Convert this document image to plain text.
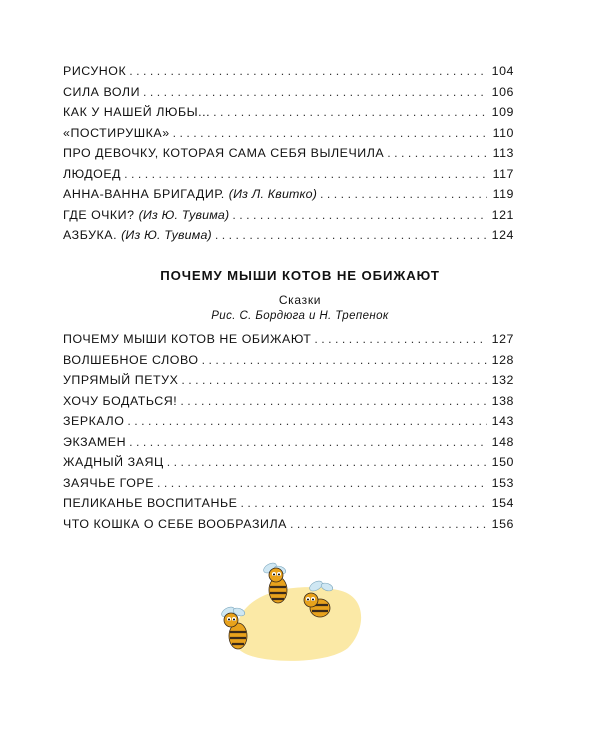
РИСУНОК . . .	104
СИЛА ВОЛИ . . .	106
КАК У НАШЕЙ ЛЮБЫ... . . .	109
«ПОСТИРУШКА» . . .	110
ПРО ДЕВОЧКУ, КОТОРАЯ САМА СЕБЯ ВЫЛЕЧИЛА . . .	113
ЛЮДОЕД . . .	117
АННА-ВАННА БРИГАДИР. (Из Л. Квитко) . . .	119
ГДЕ ОЧКИ? (Из Ю. Тувима) . . .	121
АЗБУКА. (Из Ю. Тувима) . . .	124
ПОЧЕМУ МЫШИ КОТОВ НЕ ОБИЖАЮТ
Сказки
Рис. С. Бордюга и Н. Трепенок
ПОЧЕМУ МЫШИ КОТОВ НЕ ОБИЖАЮТ . . .	127
ВОЛШЕБНОЕ СЛОВО . . .	128
УПРЯМЫЙ ПЕТУХ . . .	132
ХОЧУ БОДАТЬСЯ! . . .	138
ЗЕРКАЛО . . .	143
ЭКЗАМЕН . . .	148
ЖАДНЫЙ ЗАЯЦ . . .	150
ЗАЯЧЬЕ ГОРЕ . . .	153
ПЕЛИКАНЬЕ ВОСПИТАНЬЕ . . .	154
ЧТО КОШКА О СЕБЕ ВООБРАЗИЛА . . .	156
